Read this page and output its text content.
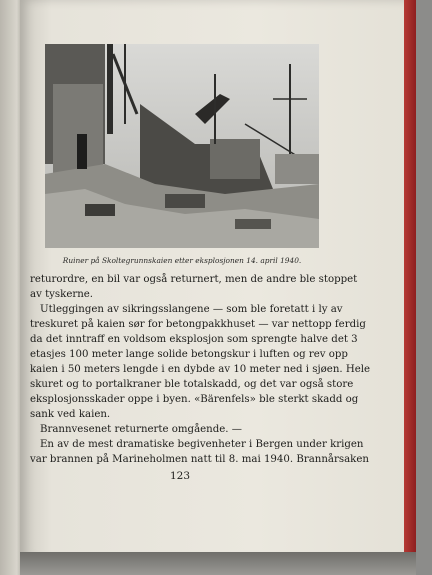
Ruiner på Skoltegrunnskaien etter eksplosjonen 14. april 1940.
returordre, en bil var også returnert, men de andre ble stoppet
av tyskerne.
Utleggingen av sikringsslangene — som ble foretatt i ly av
treskuret på kaien sør for betongpakkhuset — var nettopp ferdig
da det inntraff en voldsom eksplosjon som sprengte halve det 3
etasjes 100 meter lange solide betongskur i luften og rev opp
kaien i 50 meters lengde i en dybde av 10 meter ned i sjøen. Hele
skuret og to portalkraner ble totalskadd, og det var også store
eksplosjonsskader oppe i byen. «Bärenfels» ble sterkt skadd og
sank ved kaien.
Brannvesenet returnerte omgående. —
En av de mest dramatiske begivenheter i Bergen under krigen
var brannen på Marineholmen natt til 8. mai 1940. Brannårsaken
123
